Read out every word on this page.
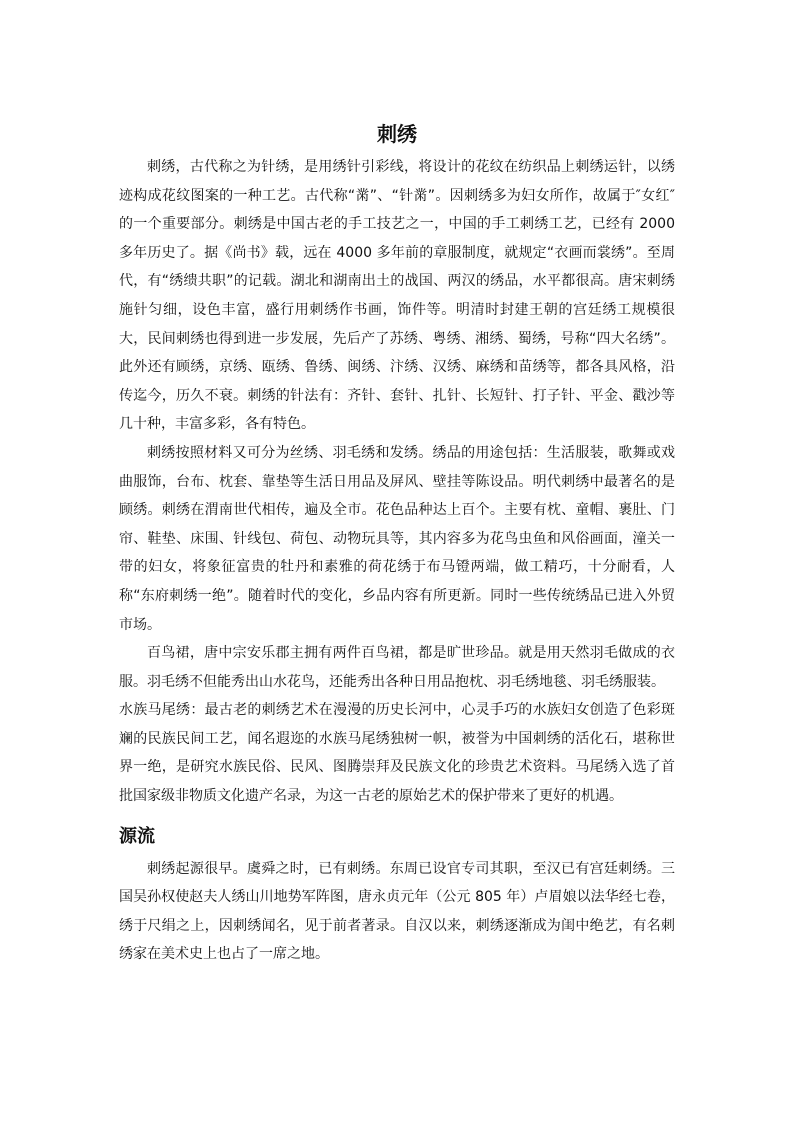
刺绣

刺绣，古代称之为针绣，是用绣针引彩线，将设计的花纹在纺织品上刺绣运针，以绣迹构成花纹图案的一种工艺。古代称“黹”、“针黹”。因刺绣多为妇女所作，故属于″女红″的一个重要部分。刺绣是中国古老的手工技艺之一，中国的手工刺绣工艺，已经有 2000 多年历史了。据《尚书》载，远在 4000 多年前的章服制度，就规定“衣画而裳绣”。至周代，有“绣缋共职”的记载。湖北和湖南出土的战国、两汉的绣品，水平都很高。唐宋刺绣施针匀细，设色丰富，盛行用刺绣作书画，饰件等。明清时封建王朝的宫廷绣工规模很大，民间刺绣也得到进一步发展，先后产了苏绣、粤绣、湘绣、蜀绣，号称“四大名绣”。此外还有顾绣，京绣、瓯绣、鲁绣、闽绣、汴绣、汉绣、麻绣和苗绣等，都各具风格，沿传迄今，历久不衰。刺绣的针法有：齐针、套针、扎针、长短针、打子针、平金、戳沙等几十种，丰富多彩，各有特色。

刺绣按照材料又可分为丝绣、羽毛绣和发绣。绣品的用途包括：生活服装，歌舞或戏曲服饰，台布、枕套、靠垫等生活日用品及屏风、壁挂等陈设品。明代刺绣中最著名的是顾绣。刺绣在渭南世代相传，遍及全市。花色品种达上百个。主要有枕、童帽、裹肚、门帘、鞋垫、床围、针线包、荷包、动物玩具等，其内容多为花鸟虫鱼和风俗画面，潼关一带的妇女，将象征富贵的牡丹和素雅的荷花绣于布马镫两端，做工精巧，十分耐看，人称“东府刺绣一绝”。随着时代的变化，乡品内容有所更新。同时一些传统绣品已进入外贸市场。

百鸟裙，唐中宗安乐郡主拥有两件百鸟裙，都是旷世珍品。就是用天然羽毛做成的衣服。羽毛绣不但能秀出山水花鸟，还能秀出各种日用品抱枕、羽毛绣地毯、羽毛绣服装。

水族马尾绣：最古老的刺绣艺术在漫漫的历史长河中，心灵手巧的水族妇女创造了色彩斑斓的民族民间工艺，闻名遐迩的水族马尾绣独树一帜，被誉为中国刺绣的活化石，堪称世界一绝，是研究水族民俗、民风、图腾崇拜及民族文化的珍贵艺术资料。马尾绣入选了首批国家级非物质文化遗产名录，为这一古老的原始艺术的保护带来了更好的机遇。

源流

刺绣起源很早。虞舜之时，已有刺绣。东周已设官专司其职，至汉已有宫廷刺绣。三国吴孙权使赵夫人绣山川地势军阵图，唐永贞元年（公元 805 年）卢眉娘以法华经七卷，绣于尺绢之上，因刺绣闻名，见于前者著录。自汉以来，刺绣逐渐成为闺中绝艺，有名刺绣家在美术史上也占了一席之地。
